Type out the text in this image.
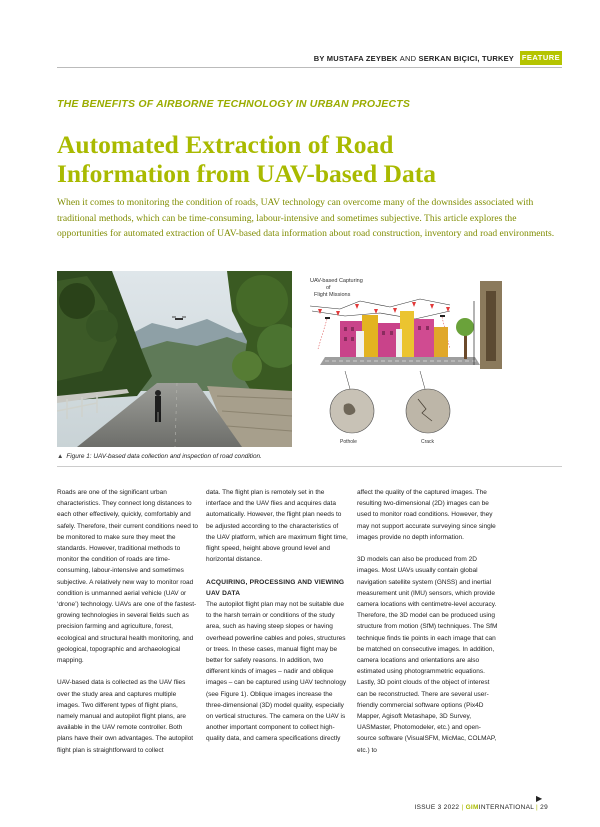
BY MUSTAFA ZEYBEK AND SERKAN BIÇICI, TURKEY FEATURE
THE BENEFITS OF AIRBORNE TECHNOLOGY IN URBAN PROJECTS
Automated Extraction of Road Information from UAV-based Data
When it comes to monitoring the condition of roads, UAV technology can overcome many of the downsides associated with traditional methods, which can be time-consuming, labour-intensive and sometimes subjective. This article explores the opportunities for automated extraction of UAV-based data information about road construction, inventory and road environments.
UAV-based Capturing
of
Flight Missions
Pothole	Crack
▲ Figure 1: UAV-based data collection and inspection of road condition.

Roads are one of the significant urban characteristics. They connect long distances to each other effectively, quickly, comfortably and safely. Therefore, their current conditions need to be monitored to make sure they meet the standards. However, traditional methods to monitor the condition of roads are time-consuming, labour-intensive and sometimes subjective. A relatively new way to monitor road condition is unmanned aerial vehicle (UAV or ‘drone’) technology. UAVs are one of the fastest-growing technologies in several fields such as precision farming and agriculture, forest, ecological and structural health monitoring, and geological, topographic and archaeological mapping.

UAV-based data is collected as the UAV flies over the study area and captures multiple images. Two different types of flight plans, namely manual and autopilot flight plans, are available in the UAV remote controller. Both plans have their own advantages. The autopilot flight plan is straightforward to collect

data. The flight plan is remotely set in the interface and the UAV flies and acquires data automatically. However, the flight plan needs to be adjusted according to the characteristics of the UAV platform, which are maximum flight time, flight speed, height above ground level and horizontal distance.

ACQUIRING, PROCESSING AND VIEWING UAV DATA

The autopilot flight plan may not be suitable due to the harsh terrain or conditions of the study area, such as having steep slopes or having overhead powerline cables and poles, structures or trees. In these cases, manual flight may be better for safety reasons. In addition, two different kinds of images – nadir and oblique images – can be captured using UAV technology (see Figure 1). Oblique images increase the three-dimensional (3D) model quality, especially on vertical structures. The camera on the UAV is another important component to collect high-quality data, and camera specifications directly

affect the quality of the captured images. The resulting two-dimensional (2D) images can be used to monitor road conditions. However, they may not support accurate surveying since single images provide no depth information.

3D models can also be produced from 2D images. Most UAVs usually contain global navigation satellite system (GNSS) and inertial measurement unit (IMU) sensors, which provide camera locations with centimetre-level accuracy. Therefore, the 3D model can be produced using structure from motion (SfM) techniques. The SfM technique finds tie points in each image that can be matched on consecutive images. In addition, camera locations and orientations are also estimated using photogrammetric equations. Lastly, 3D point clouds of the object of interest can be reconstructed. There are several user-friendly commercial software options (Pix4D Mapper, Agisoft Metashape, 3D Survey, UASMaster, Photomodeler, etc.) and open-source software (VisualSFM, MicMac, COLMAP, etc.) to

▶
ISSUE 3 2022 | GIMINTERNATIONAL | 29
